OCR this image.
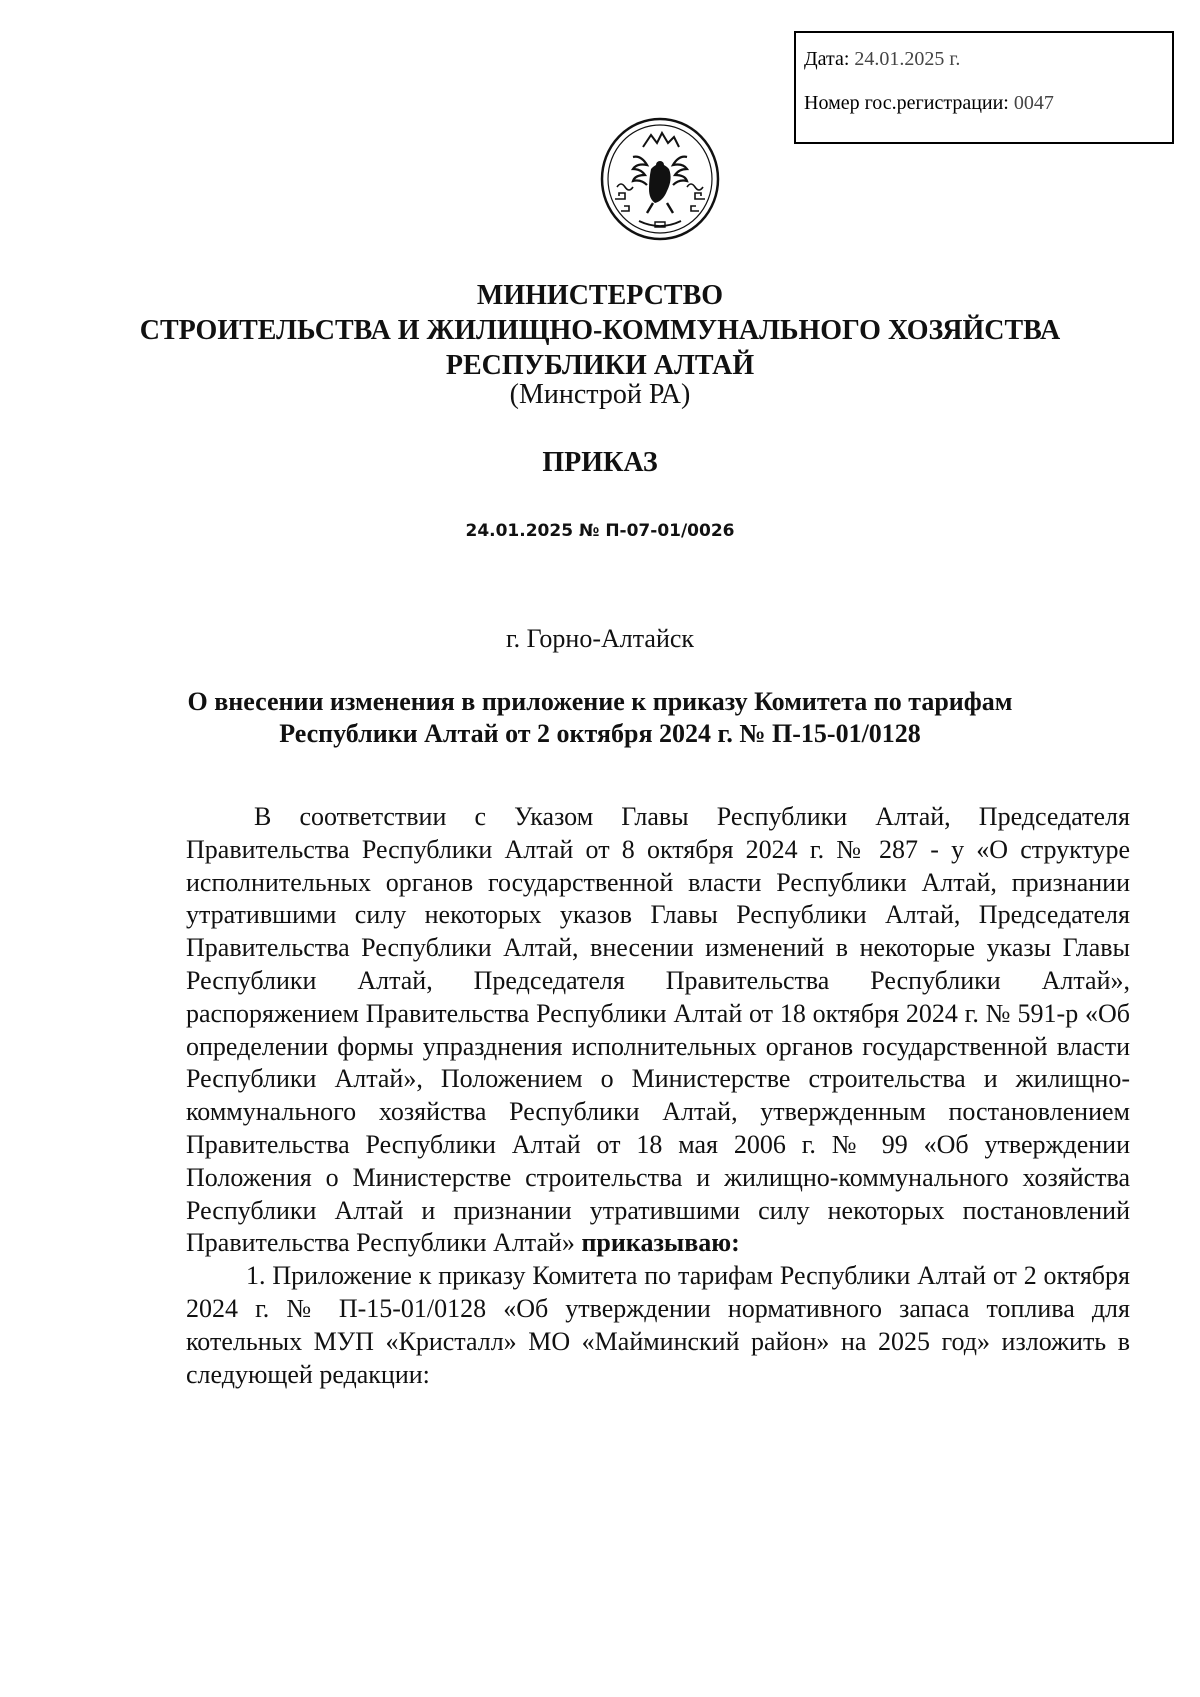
Дата: 24.01.2025 г.
Номер гос.регистрации: 0047
МИНИСТЕРСТВО
СТРОИТЕЛЬСТВА И ЖИЛИЩНО-КОММУНАЛЬНОГО ХОЗЯЙСТВА
РЕСПУБЛИКИ АЛТАЙ
(Минстрой РА)
ПРИКАЗ
24.01.2025 № П-07-01/0026
г. Горно-Алтайск
О внесении изменения в приложение к приказу Комитета по тарифам
Республики Алтай от 2 октября 2024 г. № П-15-01/0128

В соответствии с Указом Главы Республики Алтай, Председателя Правительства Республики Алтай от 8 октября 2024 г. № 287 - у «О структуре исполнительных органов государственной власти Республики Алтай, признании утратившими силу некоторых указов Главы Республики Алтай, Председателя Правительства Республики Алтай, внесении изменений в некоторые указы Главы Республики Алтай, Председателя Правительства Республики Алтай», распоряжением Правительства Республики Алтай от 18 октября 2024 г. № 591-р «Об определении формы упразднения исполнительных органов государственной власти Республики Алтай», Положением о Министерстве строительства и жилищно-коммунального хозяйства Республики Алтай, утвержденным постановлением Правительства Республики Алтай от 18 мая 2006 г. № 99 «Об утверждении Положения о Министерстве строительства и жилищно-коммунального хозяйства Республики Алтай и признании утратившими силу некоторых постановлений Правительства Республики Алтай» приказываю:

1. Приложение к приказу Комитета по тарифам Республики Алтай от 2 октября 2024 г. № П-15-01/0128 «Об утверждении нормативного запаса топлива для котельных МУП «Кристалл» МО «Майминский район» на 2025 год» изложить в следующей редакции:
